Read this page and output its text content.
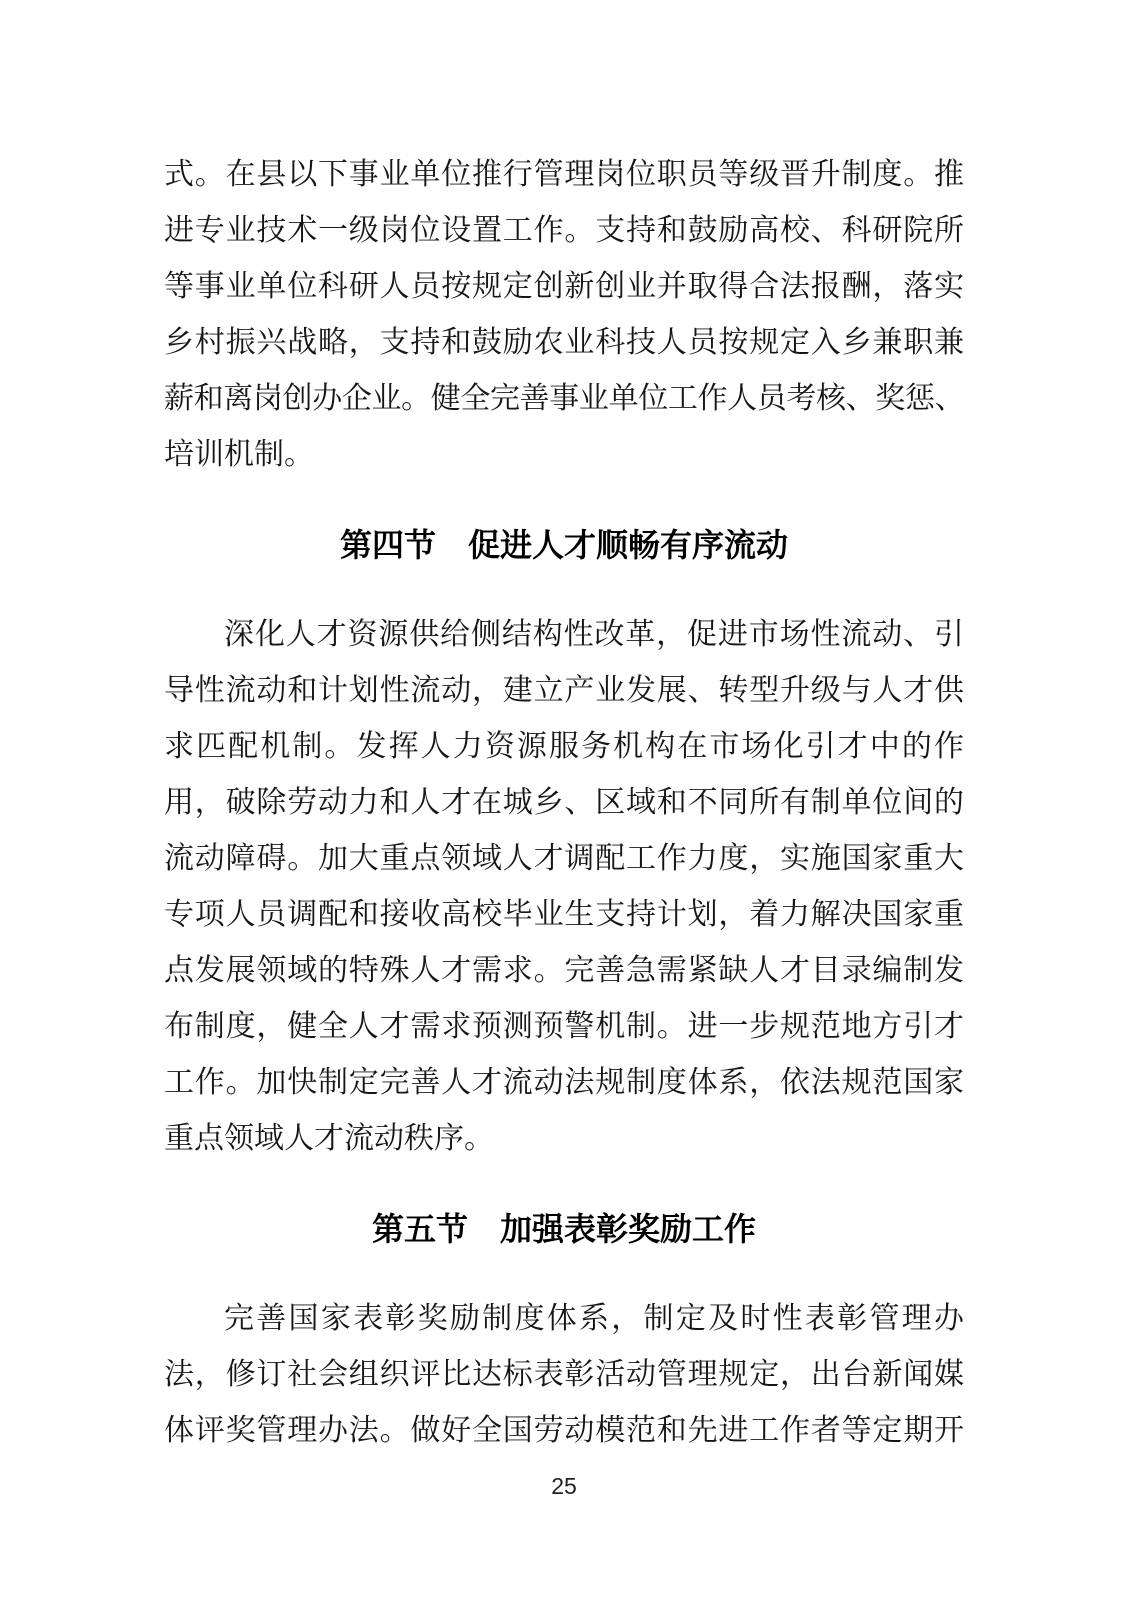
式。在县以下事业单位推行管理岗位职员等级晋升制度。推
进专业技术一级岗位设置工作。支持和鼓励高校、科研院所
等事业单位科研人员按规定创新创业并取得合法报酬，落实
乡村振兴战略，支持和鼓励农业科技人员按规定入乡兼职兼
薪和离岗创办企业。健全完善事业单位工作人员考核、奖惩、
培训机制。
第四节　促进人才顺畅有序流动
深化人才资源供给侧结构性改革，促进市场性流动、引
导性流动和计划性流动，建立产业发展、转型升级与人才供
求匹配机制。发挥人力资源服务机构在市场化引才中的作
用，破除劳动力和人才在城乡、区域和不同所有制单位间的
流动障碍。加大重点领域人才调配工作力度，实施国家重大
专项人员调配和接收高校毕业生支持计划，着力解决国家重
点发展领域的特殊人才需求。完善急需紧缺人才目录编制发
布制度，健全人才需求预测预警机制。进一步规范地方引才
工作。加快制定完善人才流动法规制度体系，依法规范国家
重点领域人才流动秩序。
第五节　加强表彰奖励工作
完善国家表彰奖励制度体系，制定及时性表彰管理办
法，修订社会组织评比达标表彰活动管理规定，出台新闻媒
体评奖管理办法。做好全国劳动模范和先进工作者等定期开
25
